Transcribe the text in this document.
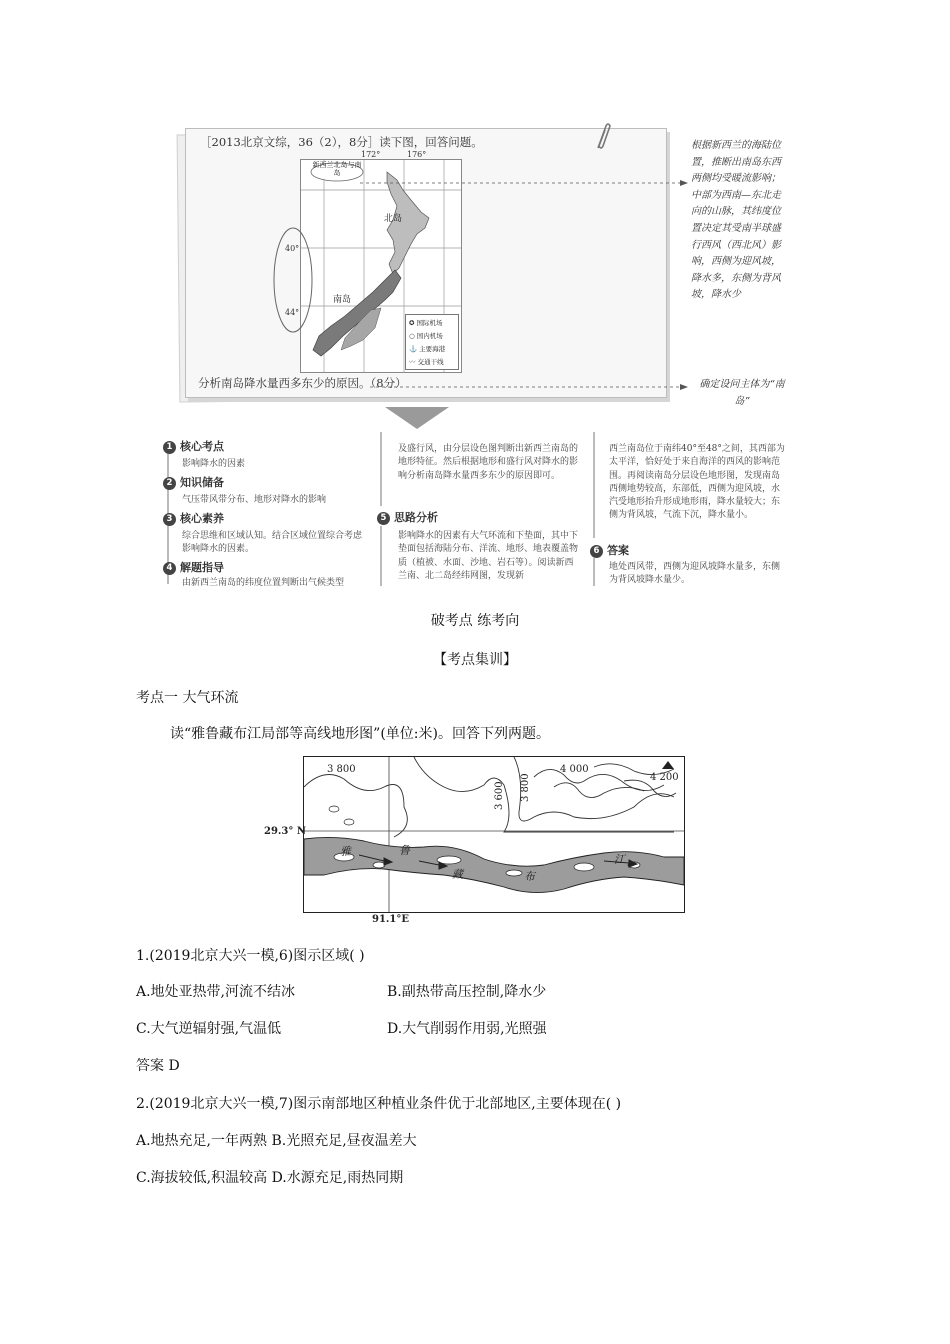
［2013北京文综，36（2），8分］读下图，回答问题。
新西兰北岛与南岛
172°	176°
40°
44°
北岛
南岛
✪ 国际机场
○ 国内机场
⚓ 主要海港
〰 交通干线
分析南岛降水量西多东少的原因。（8分）
根据新西兰的海陆位置，推断出南岛东西两侧均受暖流影响；中部为西南—东北走向的山脉，其纬度位置决定其受南半球盛行西风（西北风）影响，西侧为迎风坡，降水多，东侧为背风坡，降水少
确定设问主体为“南岛”
1 核心考点
影响降水的因素
2 知识储备
气压带风带分布、地形对降水的影响
3 核心素养
综合思维和区域认知。结合区域位置综合考虑影响降水的因素。
4 解题指导
由新西兰南岛的纬度位置判断出气候类型
及盛行风，由分层设色图判断出新西兰南岛的地形特征。然后根据地形和盛行风对降水的影响分析南岛降水量西多东少的原因即可。
5 思路分析
影响降水的因素有大气环流和下垫面，其中下垫面包括海陆分布、洋流、地形、地表覆盖物质（植被、水面、沙地、岩石等）。阅读新西兰南、北二岛经纬网图，发现新
西兰南岛位于南纬40°至48°之间，其西部为太平洋，恰好处于来自海洋的西风的影响范围。再阅读南岛分层设色地形图，发现南岛西侧地势较高，东部低，西侧为迎风坡，水汽受地形抬升形成地形雨，降水量较大；东侧为背风坡，气流下沉，降水量小。
6 答案
地处西风带，西侧为迎风坡降水量多，东侧为背风坡降水量少。
破考点 练考向
【考点集训】
考点一 大气环流
读“雅鲁藏布江局部等高线地形图”(单位:米)。回答下列两题。
3 800
3 600 3 800
4 000
4 200
29.3° N
91.1°E
雅	鲁
藏	布
江
1.(2019北京大兴一模,6)图示区域( )
A.地处亚热带,河流不结冰	B.副热带高压控制,降水少
C.大气逆辐射强,气温低	D.大气削弱作用弱,光照强
答案 D
2.(2019北京大兴一模,7)图示南部地区种植业条件优于北部地区,主要体现在( )
A.地热充足,一年两熟 B.光照充足,昼夜温差大
C.海拔较低,积温较高 D.水源充足,雨热同期
